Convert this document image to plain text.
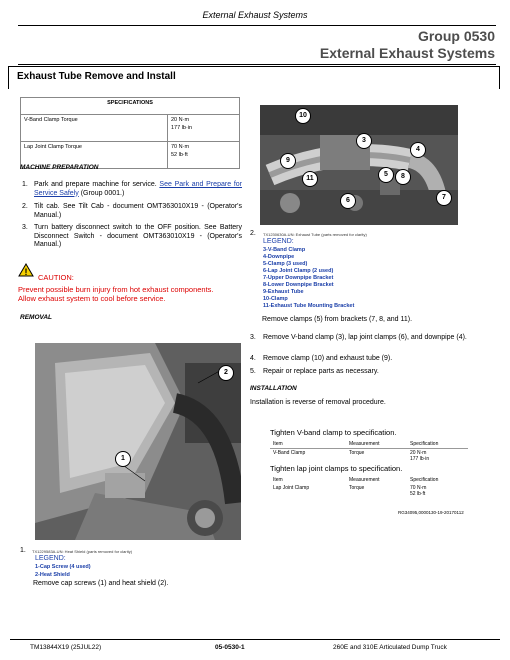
External Exhaust Systems
Group 0530
External Exhaust Systems
Exhaust Tube Remove and Install
SPECIFICATIONS	
V-Band Clamp Torque	20 N·m
177 lb·in

Lap Joint Clamp Torque	70 N·m
52 lb·ft
MACHINE PREPARATION
1. Park and prepare machine for service. See Park and Prepare for Service Safely (Group 0001.)
2. Tilt cab. See Tilt Cab - document OMT363010X19 - (Operator's Manual.)
3. Turn battery disconnect switch to the OFF position. See Battery Disconnect Switch - document OMT363010X19 - (Operator's Manual.)
!
CAUTION:
Prevent possible burn injury from hot exhaust components.
Allow exhaust system to cool before service.
REMOVAL
2
1
1. TX1229583A-UN: Heat Shield (parts removed for clarity)
LEGEND:
1-Cap Screw (4 used)
2-Heat Shield
Remove cap screws (1) and heat shield (2).
10
3
9
11
6
4
5	8
7
2. TX1230630A-UN: Exhaust Tube (parts removed for clarity)
LEGEND:
3-V-Band Clamp
4-Downpipe
5-Clamp (3 used)
6-Lap Joint Clamp (2 used)
7-Upper Downpipe Bracket
8-Lower Downpipe Bracket
9-Exhaust Tube
10-Clamp
11-Exhaust Tube Mounting Bracket
Remove clamps (5) from brackets (7, 8, and 11).
3. Remove V-band clamp (3), lap joint clamps (6), and downpipe (4).
4. Remove clamp (10) and exhaust tube (9).
5. Repair or replace parts as necessary.
INSTALLATION
Installation is reverse of removal procedure.
Tighten V-band clamp to specification.
Item	Measurement	Specification
V-Band Clamp	Torque	20 N·m
177 lb·in
Tighten lap joint clamps to specification.
Item	Measurement	Specification
Lap Joint Clamp	Torque	70 N·m
52 lb·ft
RG34095,0000130-19-20170112
TM13844X19 (25JUL22)	05-0530-1	260E and 310E Articulated Dump Truck
